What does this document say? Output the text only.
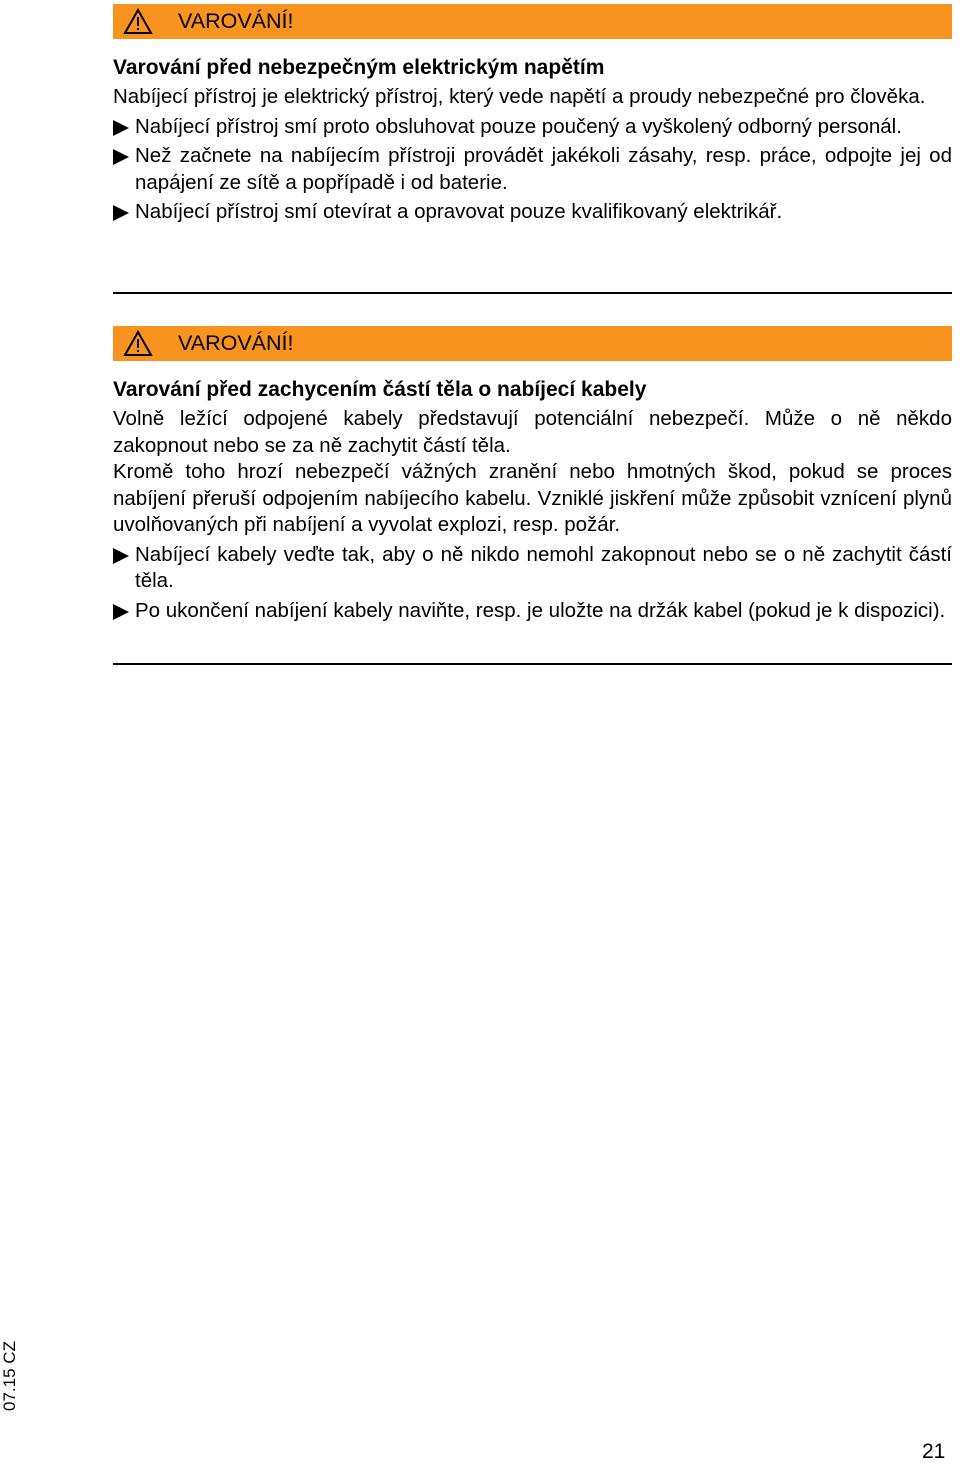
VAROVÁNÍ!

Varování před nebezpečným elektrickým napětím

Nabíjecí přístroj je elektrický přístroj, který vede napětí a proudy nebezpečné pro člověka.

Nabíjecí přístroj smí proto obsluhovat pouze poučený a vyškolený odborný personál.
Než začnete na nabíjecím přístroji provádět jakékoli zásahy, resp. práce, odpojte jej od napájení ze sítě a popřípadě i od baterie.
Nabíjecí přístroj smí otevírat a opravovat pouze kvalifikovaný elektrikář.
VAROVÁNÍ!

Varování před zachycením částí těla o nabíjecí kabely

Volně ležící odpojené kabely představují potenciální nebezpečí. Může o ně někdo zakopnout nebo se za ně zachytit částí těla.

Kromě toho hrozí nebezpečí vážných zranění nebo hmotných škod, pokud se proces nabíjení přeruší odpojením nabíjecího kabelu. Vzniklé jiskření může způsobit vznícení plynů uvolňovaných při nabíjení a vyvolat explozi, resp. požár.

Nabíjecí kabely veďte tak, aby o ně nikdo nemohl zakopnout nebo se o ně zachytit částí těla.
Po ukončení nabíjení kabely naviňte, resp. je uložte na držák kabel (pokud je k dispozici).
07.15 CZ
21
